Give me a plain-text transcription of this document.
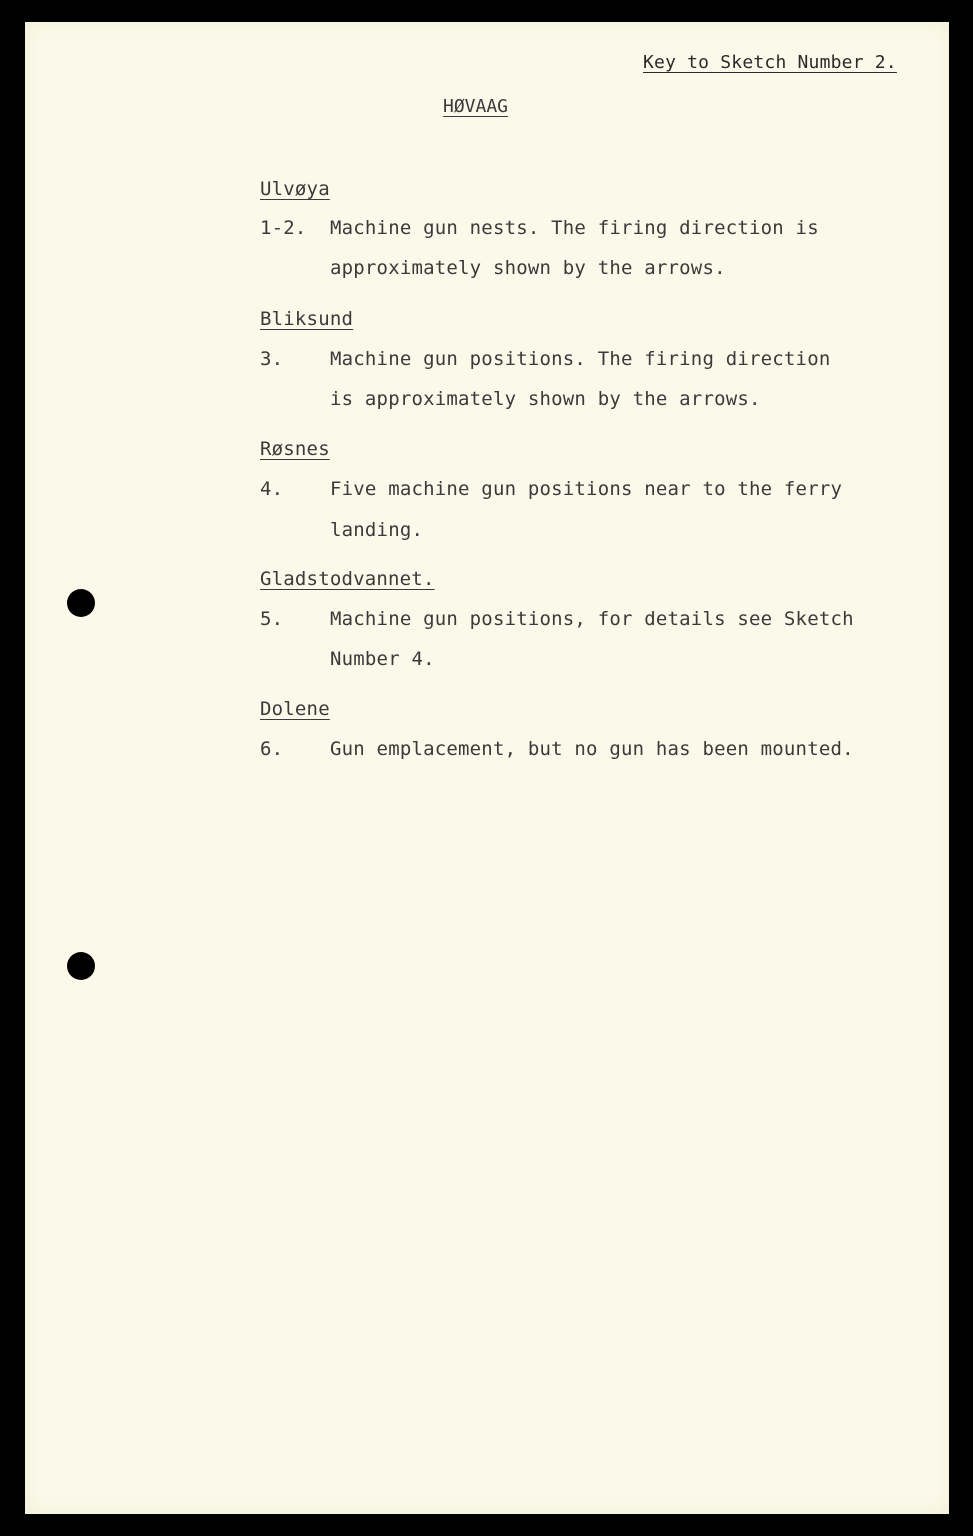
Key to Sketch Number 2.
HØVAAG
Ulvøya
1-2. Machine gun nests. The firing direction is
approximately shown by the arrows.
Bliksund
3. Machine gun positions. The firing direction
is approximately shown by the arrows.
Røsnes
4. Five machine gun positions near to the ferry
landing.
Gladstodvannet.
5. Machine gun positions, for details see Sketch
Number 4.
Dolene
6. Gun emplacement, but no gun has been mounted.
